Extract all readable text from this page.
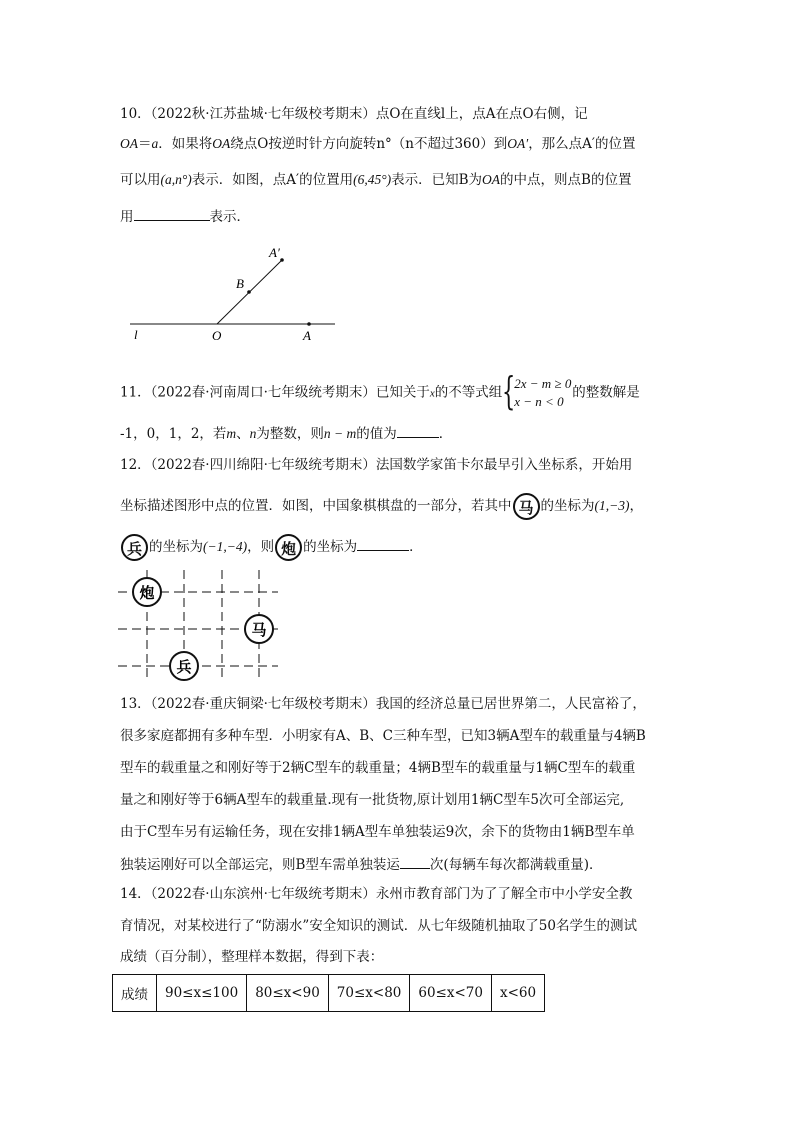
10．（2022秋·江苏盐城·七年级校考期末）点O在直线l上，点A在点O右侧，记
OA＝a．如果将OA绕点O按逆时针方向旋转n°（n不超过360）到OA′，那么点A′的位置
可以用(a,n°)表示．如图，点A′的位置用(6,45°)表示．已知B为OA的中点，则点B的位置
用	表示．
l	O	A
B
A′
11．（2022春·河南周口·七年级统考期末）已知关于x的不等式组 {
2x − m ≥ 0
x − n < 0
的整数解是
-1，0，1，2，若m、n为整数，则n − m的值为	．
12．（2022春·四川绵阳·七年级统考期末）法国数学家笛卡尔最早引入坐标系，开始用
坐标描述图形中点的位置．如图，中国象棋棋盘的一部分，若其中 马 的坐标为(1,−3)，
兵 的坐标为(−1,−4)，则 炮 的坐标为	．
炮
马
兵
13．（2022春·重庆铜梁·七年级校考期末）我国的经济总量已居世界第二，人民富裕了，
很多家庭都拥有多种车型．小明家有A、B、C三种车型，已知3辆A型车的载重量与4辆B
型车的载重量之和刚好等于2辆C型车的载重量；4辆B型车的载重量与1辆C型车的载重
量之和刚好等于6辆A型车的载重量.现有一批货物,原计划用1辆C型车5次可全部运完,
由于C型车另有运输任务，现在安排1辆A型车单独装运9次，余下的货物由1辆B型车单
独装运刚好可以全部运完，则B型车需单独装运 次(每辆车每次都满载重量)．
14．（2022春·山东滨州·七年级统考期末）永州市教育部门为了了解全市中小学安全教
育情况，对某校进行了“防溺水”安全知识的测试．从七年级随机抽取了50名学生的测试
成绩（百分制），整理样本数据，得到下表：
成绩	90≤x≤100	80≤x<90	70≤x<80	60≤x<70	x<60
